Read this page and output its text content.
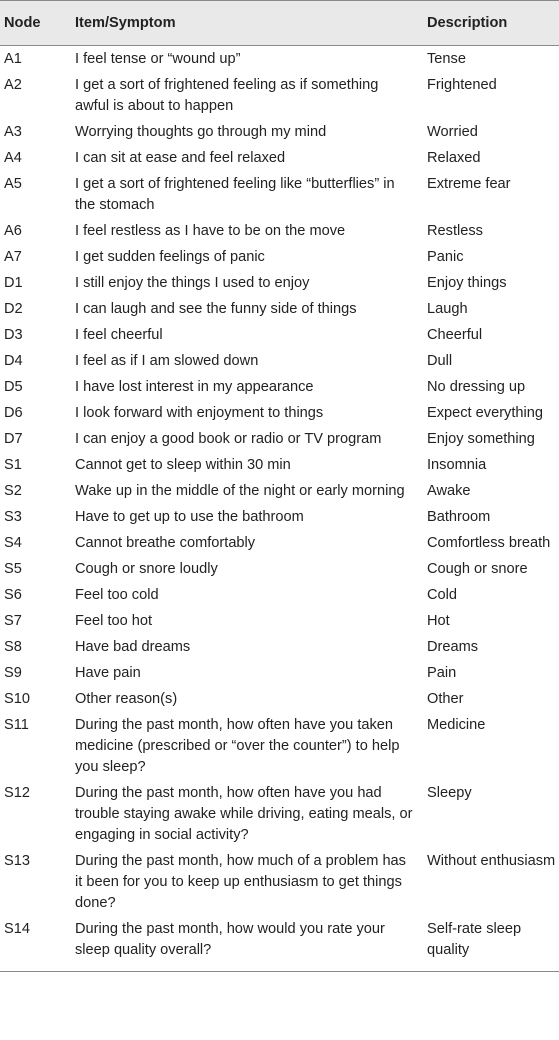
Node	Item/Symptom	Description
A1	I feel tense or “wound up”	Tense
A2	I get a sort of frightened feeling as if something awful is about to happen	Frightened
A3	Worrying thoughts go through my mind	Worried
A4	I can sit at ease and feel relaxed	Relaxed
A5	I get a sort of frightened feeling like “butterflies” in the stomach	Extreme fear
A6	I feel restless as I have to be on the move	Restless
A7	I get sudden feelings of panic	Panic
D1	I still enjoy the things I used to enjoy	Enjoy things
D2	I can laugh and see the funny side of things	Laugh
D3	I feel cheerful	Cheerful
D4	I feel as if I am slowed down	Dull
D5	I have lost interest in my appearance	No dressing up
D6	I look forward with enjoyment to things	Expect everything
D7	I can enjoy a good book or radio or TV program	Enjoy something
S1	Cannot get to sleep within 30 min	Insomnia
S2	Wake up in the middle of the night or early morning	Awake
S3	Have to get up to use the bathroom	Bathroom
S4	Cannot breathe comfortably	Comfortless breath
S5	Cough or snore loudly	Cough or snore
S6	Feel too cold	Cold
S7	Feel too hot	Hot
S8	Have bad dreams	Dreams
S9	Have pain	Pain
S10	Other reason(s)	Other
S11	During the past month, how often have you taken medicine (prescribed or “over the counter”) to help you sleep?	Medicine
S12	During the past month, how often have you had trouble staying awake while driving, eating meals, or engaging in social activity?	Sleepy
S13	During the past month, how much of a problem has it been for you to keep up enthusiasm to get things done?	Without enthusiasm
S14	During the past month, how would you rate your sleep quality overall?	Self-rate sleep quality
